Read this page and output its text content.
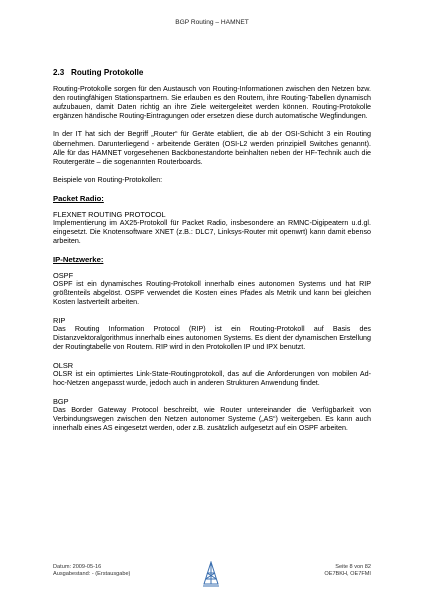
BGP Routing – HAMNET
2.3 Routing Protokolle

Routing-Protokolle sorgen für den Austausch von Routing-Informationen zwischen den Netzen bzw. den routingfähigen Stationspartnern. Sie erlauben es den Routern, ihre Routing-Tabellen dynamisch aufzubauen, damit Daten richtig an ihre Ziele weitergeleitet werden können. Routing-Protokolle ergänzen händische Routing-Eintragungen oder ersetzen diese durch automatische Wegfindungen.

In der IT hat sich der Begriff „Router“ für Geräte etabliert, die ab der OSI-Schicht 3 ein Routing übernehmen. Darunterliegend - arbeitende Geräten (OSI-L2 werden prinzipiell Switches genannt). Alle für das HAMNET vorgesehenen Backbonestandorte beinhalten neben der HF-Technik auch die Routergeräte – die sogenannten Routerboards.

Beispiele von Routing-Protokollen:

Packet Radio:
FLEXNET ROUTING PROTOCOL

Implementierung im AX25-Protokoll für Packet Radio, insbesondere an RMNC-Digipeatern u.d.gl. eingesetzt. Die Knotensoftware XNET (z.B.: DLC7, Linksys-Router mit openwrt) kann damit ebenso arbeiten.

IP-Netzwerke:
OSPF

OSPF ist ein dynamisches Routing-Protokoll innerhalb eines autonomen Systems und hat RIP größtenteils abgelöst. OSPF verwendet die Kosten eines Pfades als Metrik und kann bei gleichen Kosten lastverteilt arbeiten.

RIP

Das Routing Information Protocol (RIP) ist ein Routing-Protokoll auf Basis des Distanzvektoralgorithmus innerhalb eines autonomen Systems. Es dient der dynamischen Erstellung der Routingtabelle von Routern. RIP wird in den Protokollen IP und IPX benutzt.

OLSR

OLSR ist ein optimiertes Link-State-Routingprotokoll, das auf die Anforderungen von mobilen Ad-hoc-Netzen angepasst wurde, jedoch auch in anderen Strukturen Anwendung findet.

BGP

Das Border Gateway Protocol beschreibt, wie Router untereinander die Verfügbarkeit von Verbindungswegen zwischen den Netzen autonomer Systeme („AS“) weitergeben. Es kann auch innerhalb eines AS eingesetzt werden, oder z.B. zusätzlich aufgesetzt auf ein OSPF arbeiten.

Datum: 2009-05-16
Ausgabestand: - (Erstausgabe)
Seite 8 von 82
OE7BKH, OE7FMI
